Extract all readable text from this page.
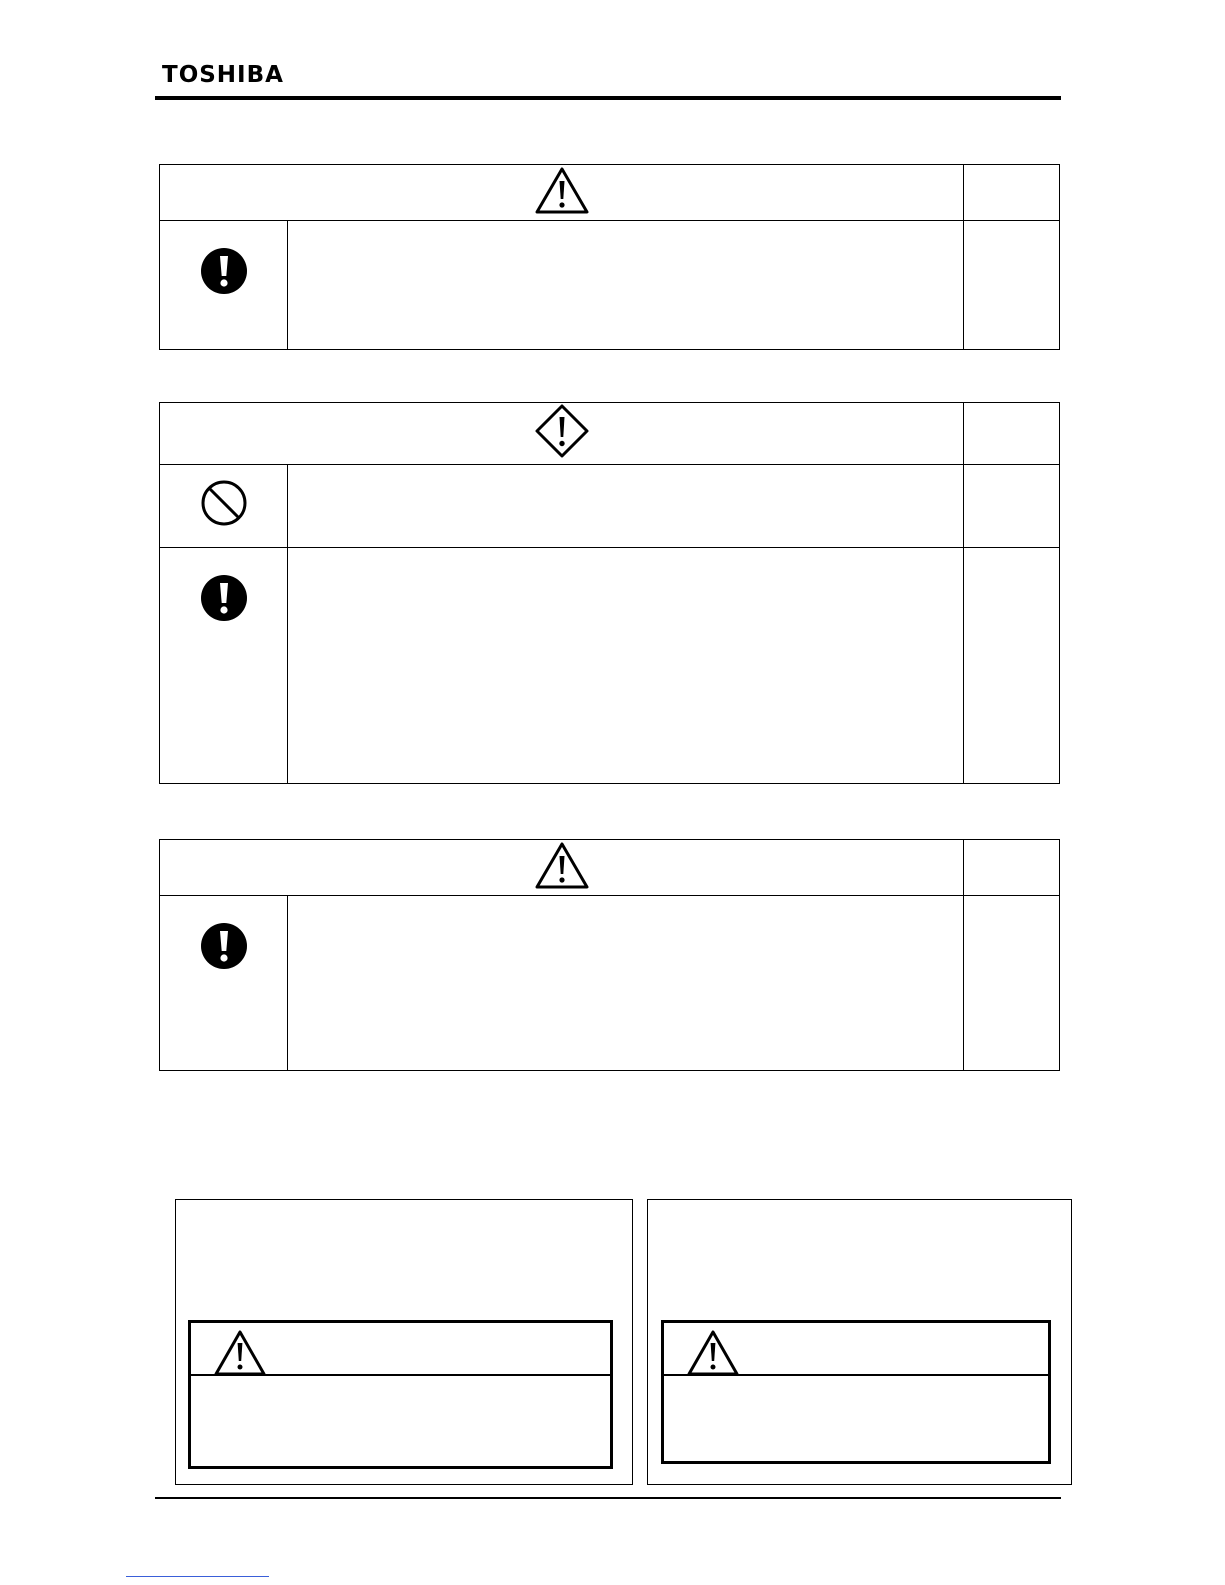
TOSHIBA
